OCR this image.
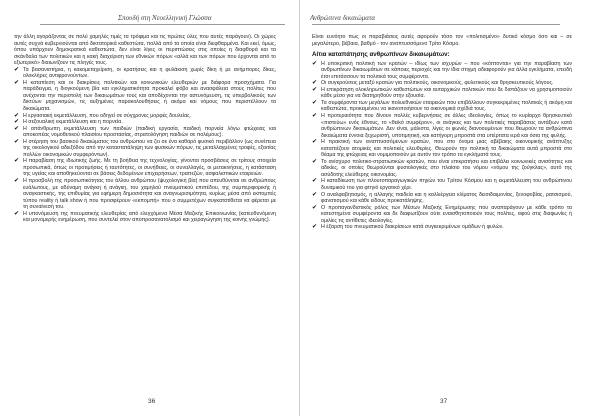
Σπουδή στη Νεοελληνική Γλώσσα

την άλλη αγοράζοντας σε πολύ χαμηλές τιμές τα τρόφιμα και τις πρώτες ύλες που αυτές παράγουν). Οι χώρες αυτές συχνά κυβερνιούνται από δικτατορικά καθεστώτα, πολλά από τα οποία είναι διεφθαρμένα. Και εκεί, όμως, όπου υπάρχουν δημοκρατικά καθεστώτα, δεν είναι λίγες οι περιπτώσεις στις οποίες η διαφθορά και τα σκάνδαλα των πολιτικών και η κακή διαχείριση των εθνικών πόρων «αλλά και των πόρων που έρχονται από το εξωτερικό» διαιωνίζουν τις πληγές τους.

✔ Τα βασανιστήρια, η κακομεταχείριση, οι κρατήσεις και η φυλάκιση χωρίς δίκη ή με ανήμπορες δίκες, ολοκλήρες αντιφρονούντων.
✔ Η καταπίεση και οι διακρίσεις πολιτικών και κοινωνικών ελευθεριών με διάφορα προσχήματα. Για παράδειγμα, η διογκούμενη βία και εγκληματικότητα προκαλεί φόβο και ανασφάλεια στους πολίτες που ανέχονται την περιστολή των δικαιωμάτων τους και αποδέχονται την αστυνόμευση, τις υπερβολικούς των δικτύων μηχανισμών, τις αυξημένες παρακολουθήσεις ή ακόμα και νόμους που περιστέλλουν τα δικαιώματα.
✔ Η εργασιακή εκμετάλλευση, που οδηγεί σε σύγχρονες μορφές δουλείας.
✔ Η σεξουαλική εκμετάλλευση και η πορνεία.
✔ Η απάνθρωπη εκμετάλλευση των παιδιών (παιδική εργασία, παιδική πορνεία λόγω φτώχειας και αποκοπέας νομοθετικού πλαισίου προστασίας, στρατολόγηση παιδιών σε πολέμους).
✔ Η στέρηση του βασικού δικαιώματος του ανθρώπου να ζει σε ένα καθαρό φυσικό περιβάλλον (ως συνέπεια της οικολογικού αδιεξόδου από την καταστατάληψη των φυσικών πόρων, τις μεταλλαγμένες τροφές, εξαιτίας πολλών οικονομικών συμφερόντων).
✔ Η παραβίαση της ιδιωτικής ζωής. Με τη βοήθεια της τεχνολογίας, γίνονται προσβάσεις σε τρίτους στοιχεία προσωπικά, όπως οι προτιμήσεις ή ταυτότητες, οι συνήθειες, οι συναλλαγές, οι μετακινήσεις, η κατάσταση της υγείας και αποθηκεύονται σε βάσεις δεδομένων επιχειρήσεων, τραπεζών, ασφαλιστικών εταιρειών.
✔ Η προσβολή της προσωπικότητας του άλλου ανθρώπου (ψυχολογική βία) που απευθύνεται σε ανθρώπους ευάλωτους, με αδύναμη ανάγκη ή ανάγκη, του χαμηλού πνευματικού επιπέδου, της συμπεριφορικής ή αναγκαστικής, της επιθυμίας για εφήμερη δημοσιότητα και αναγνωρισιμότητα, κυρίως μέσα από εκπομπές τύπου reality ή talk show ή που προσφέρουν «εκπομπή» που ο συμμετέχων συγκατατίθεται να φέρεται με τη συναίνεσή του.
✔ Η υπονόμευση της πνευματικής ελευθερίας από ελεγχόμενα Μέσα Μαζικής Επικοινωνίας (κατευθυνόμενη και μονομερής ενημέρωση, που συντελεί στον αποπροσανατολισμό και χειραγώγηση της κοινής γνώμης).
36
Ανθρώπινα δικαιώματα

Είναι ευνόητο πως οι παραβιάσεις αυτές αφορούν τόσο τον «πολιτισμένο» δυτικό κόσμο όσο και – σε μεγαλύτερο, βέβαια, βαθμό - τον αναπτυσσόμενο Τρίτο Κόσμο.

Αίτια καταπάτησης ανθρωπίνων δικαιωμάτων:
✔ Η υποκριτική πολιτική των κρατών – ιδίως των ισχυρών – που «κόπτονται» για την παραβίαση των ανθρωπίνων δικαιωμάτων σε κάποιες περιοχές και την ίδια στιγμή αδιαφορούν για άλλα εγκλήματα, επειδή έτσι επιτάσσουν τα πολιτικά τους συμφέροντα.
✔ Οι συγκρούσεις μεταξύ κρατών για πολιτικούς, οικονομικούς, φυλετικούς και θρησκευτικούς λόγους.
✔ Η επικράτηση ολοκληρωτικών καθεστώτων και αυταρχικών πολιτικών που δε διστάζουν να χρησιμοποιούν κάθε μέσο για να διατηρηθούν στην εξουσία.
✔ Τα συμφέροντα των μεγάλων πολυεθνικών εταιρειών που επιβάλλουν συγκεκριμένες πολιτικές ή ακόμη και καθεστώτα, προκειμένου να ικανοποιήσουν τα οικονομικά σχέδιά τους.
✔ Η προτεραιότητα που δίνουν πολλές κυβερνήσεις σε άλλες ιδεολογίες, όπως το κυρίαρχο θρησκευτικό «πιστεύω» ενός έθνους, το «θεϊκό συμφέρον», οι ανάγκες και των πολιτικές παραβάσεις αντάξιων κατά ανθρώπινων δικαιωμάτων. Δεν είναι, μάλιστα, λίγες οι φωνές διανοουμένων που θεωρούν τα ανθρώπινα δικαιώματα έννοια ξεχωριστή, υποτιμητική, και κατήγορη μπροστά στα υπέρτατα ιερά και όσια της φυλής.
✔ Η πρακτική των αναπτυσσόμενων κρατών, που στο όνομα μιας αβέβαιης οικονομικής ανάπτυξης καταπιέζουν ατομικές και πολιτικές ελευθερίες. Θεωρούν την πολιτική τα δικαιώματα αυτά μπροστά στο θέαμα της φτώχειας και νομιμοποιούν με αυτόν τον τρόπο τα εγκλήματά τους.
✔ Το ανίσχυρο πολιτικο-στρατιωτικών κρατών, που είναι επικρατήσει και επιβάλει κοινωνικές ανισότητες και αδικίες, οι οποίες θεωρούνται φυσιολογικές στο πλαίσιο του νόμου «νόμου της ζούγκλας», αυτό της ασύδοτης ελεύθερης οικονομίας.
✔ Η καταδίκωση των πλουτοπαραγωγικών πηγών του Τρίτου Κόσμου και η εκμετάλλευση του ανθρώπινου δυναμικού του για φτηνό εργατικό χέρι.
✔ Ο αναλφαβητισμός, η αλλαγής παιδεία και η καλλιέργεια κλίματος δεισιδαιμονίας, ξενοφοβίας, ρατσισμού, φανατισμού και κάθε είδους προκατάληψης.
✔ Ο προπαγανδιστικός ρόλος των Μέσων Μαζικής Ενημέρωσης που αναπαράγουν με κάθε τρόπο τα κατεστημένα συμφέροντα και δε διαφωτίζουν ούτε εναισθητοποιούν τους πολίτες, αφού στις διαφωνίες ή ομιλίες τις αντίθετες ιδεολογίες.
✔ Η έξαρση του πνευματικού διακρίσεων κατά συγκεκριμένων ομάδων ή φυλών.
37
